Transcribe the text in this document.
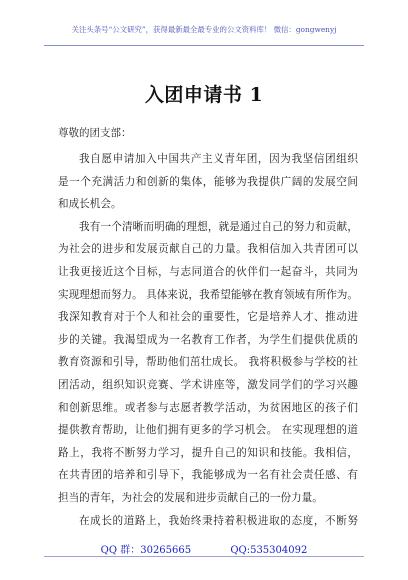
关注头条号“公文研究”，获得最新最全最专业的公文资料库！ 微信：gongwenyj
入团申请书 1
尊敬的团支部：
我自愿申请加入中国共产主义青年团，因为我坚信团组织
是一个充满活力和创新的集体，能够为我提供广阔的发展空间
和成长机会。
我有一个清晰而明确的理想，就是通过自己的努力和贡献，
为社会的进步和发展贡献自己的力量。我相信加入共青团可以
让我更接近这个目标，与志同道合的伙伴们一起奋斗，共同为
实现理想而努力。 具体来说，我希望能够在教育领域有所作为。
我深知教育对于个人和社会的重要性，它是培养人才、推动进
步的关键。我渴望成为一名教育工作者，为学生们提供优质的
教育资源和引导，帮助他们茁壮成长。 我将积极参与学校的社
团活动，组织知识竞赛、学术讲座等，激发同学们的学习兴趣
和创新思维。或者参与志愿者教学活动，为贫困地区的孩子们
提供教育帮助，让他们拥有更多的学习机会。 在实现理想的道
路上，我将不断努力学习，提升自己的知识和技能。我相信，
在共青团的培养和引导下，我能够成为一名有社会责任感、有
担当的青年，为社会的发展和进步贡献自己的一份力量。
在成长的道路上，我始终秉持着积极进取的态度，不断努
QQ 群：30265665	QQ:535304092
